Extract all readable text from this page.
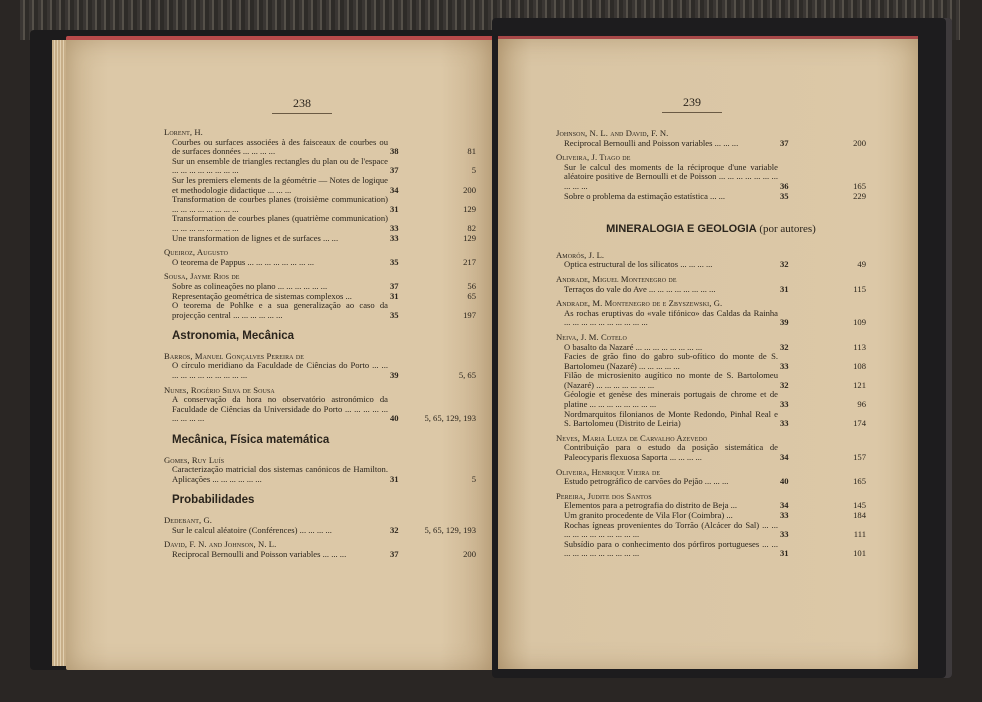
238
Lorent, H.
Courbes ou surfaces associées à des faisceaux de courbes ou de surfaces données ... ... ... ...	38	81
Sur un ensemble de triangles rectangles du plan ou de l'espace ... ... ... ... ... ... ... ...	37	5
Sur les premiers elements de la géométrie — Notes de logique et methodologie didactique ... ... ...	34	200
Transformation de courbes planes (troisième communication) ... ... ... ... ... ... ... ...	31	129
Transformation de courbes planes (quatrième communication) ... ... ... ... ... ... ... ...	33	82
Une transformation de lignes et de surfaces ... ...	33	129
Queiroz, Augusto
O teorema de Pappus ... ... ... ... ... ... ... ...	35	217
Sousa, Jayme Rios de
Sobre as colineações no plano ... ... ... ... ... ...	37	56
Representação geométrica de sistemas complexos ...	31	65
O teorema de Pohlke e a sua generalização ao caso da projecção central ... ... ... ... ... ...	35	197
Astronomia, Mecânica
Barros, Manuel Gonçalves Pereira de
O círculo meridiano da Faculdade de Ciências do Porto ... ... ... ... ... ... ... ... ... ... ...	39	5, 65
Nunes, Rogério Silva de Sousa
A conservação da hora no observatório astronómico da Faculdade de Ciências da Universidade do Porto ... ... ... ... ... ... ... ... ...	40	5, 65, 129, 193
Mecânica, Física matemática
Gomes, Ruy Luís
Caracterização matricial dos sistemas canónicos de Hamilton. Aplicações ... ... ... ... ... ...	31	5
Probabilidades
Dedebant, G.
Sur le calcul aléatoire (Conférences) ... ... ... ...	32	5, 65, 129, 193
David, F. N. and Johnson, N. L.
Reciprocal Bernoulli and Poisson variables ... ... ...	37	200
239
Johnson, N. L. and David, F. N.
Reciprocal Bernoulli and Poisson variables ... ... ...	37	200
Oliveira, J. Tiago de
Sur le calcul des moments de la réciproque d'une variable aléatoire positive de Bernoulli et de Poisson ... ... ... ... ... ... ... ... ... ...	36	165
Sobre o problema da estimação estatística ... ...	35	229
MINERALOGIA E GEOLOGIA (por autores)
Amorós, J. L.
Optica estructural de los silicatos ... ... ... ...	32	49
Andrade, Miguel Montenegro de
Terraços do vale do Ave ... ... ... ... ... ... ... ...	31	115
Andrade, M. Montenegro de e Zbyszewski, G.
As rochas eruptivas do «vale tifónico» das Caldas da Rainha ... ... ... ... ... ... ... ... ... ...	39	109
Neiva, J. M. Cotelo
O basalto da Nazaré ... ... ... ... ... ... ... ...	32	113
Facies de grão fino do gabro sub-ofítico do monte de S. Bartolomeu (Nazaré) ... ... ... ... ...	33	108
Filão de microsienito augítico no monte de S. Bartolomeu (Nazaré) ... ... ... ... ... ... ...	32	121
Géologie et genèse des minerais portugais de chrome et de platine ... ... ... ... ... ... ... ...	33	96
Nordmarquitos filonianos de Monte Redondo, Pinhal Real e S. Bartolomeu (Distrito de Leiria)	33	174
Neves, Maria Luiza de Carvalho Azevedo
Contribuição para o estudo da posição sistemática de Paleocyparis flexuosa Saporta ... ... ... ...	34	157
Oliveira, Henrique Vieira de
Estudo petrográfico de carvões do Pejão ... ... ...	40	165
Pereira, Judite dos Santos
Elementos para a petrografia do distrito de Beja ...	34	145
Um granito procedente de Vila Flor (Coimbra) ...	33	184
Rochas ígneas provenientes do Torrão (Alcácer do Sal) ... ... ... ... ... ... ... ... ... ... ...	33	111
Subsídio para o conhecimento dos pórfiros portugueses ... ... ... ... ... ... ... ... ... ... ...	31	101
